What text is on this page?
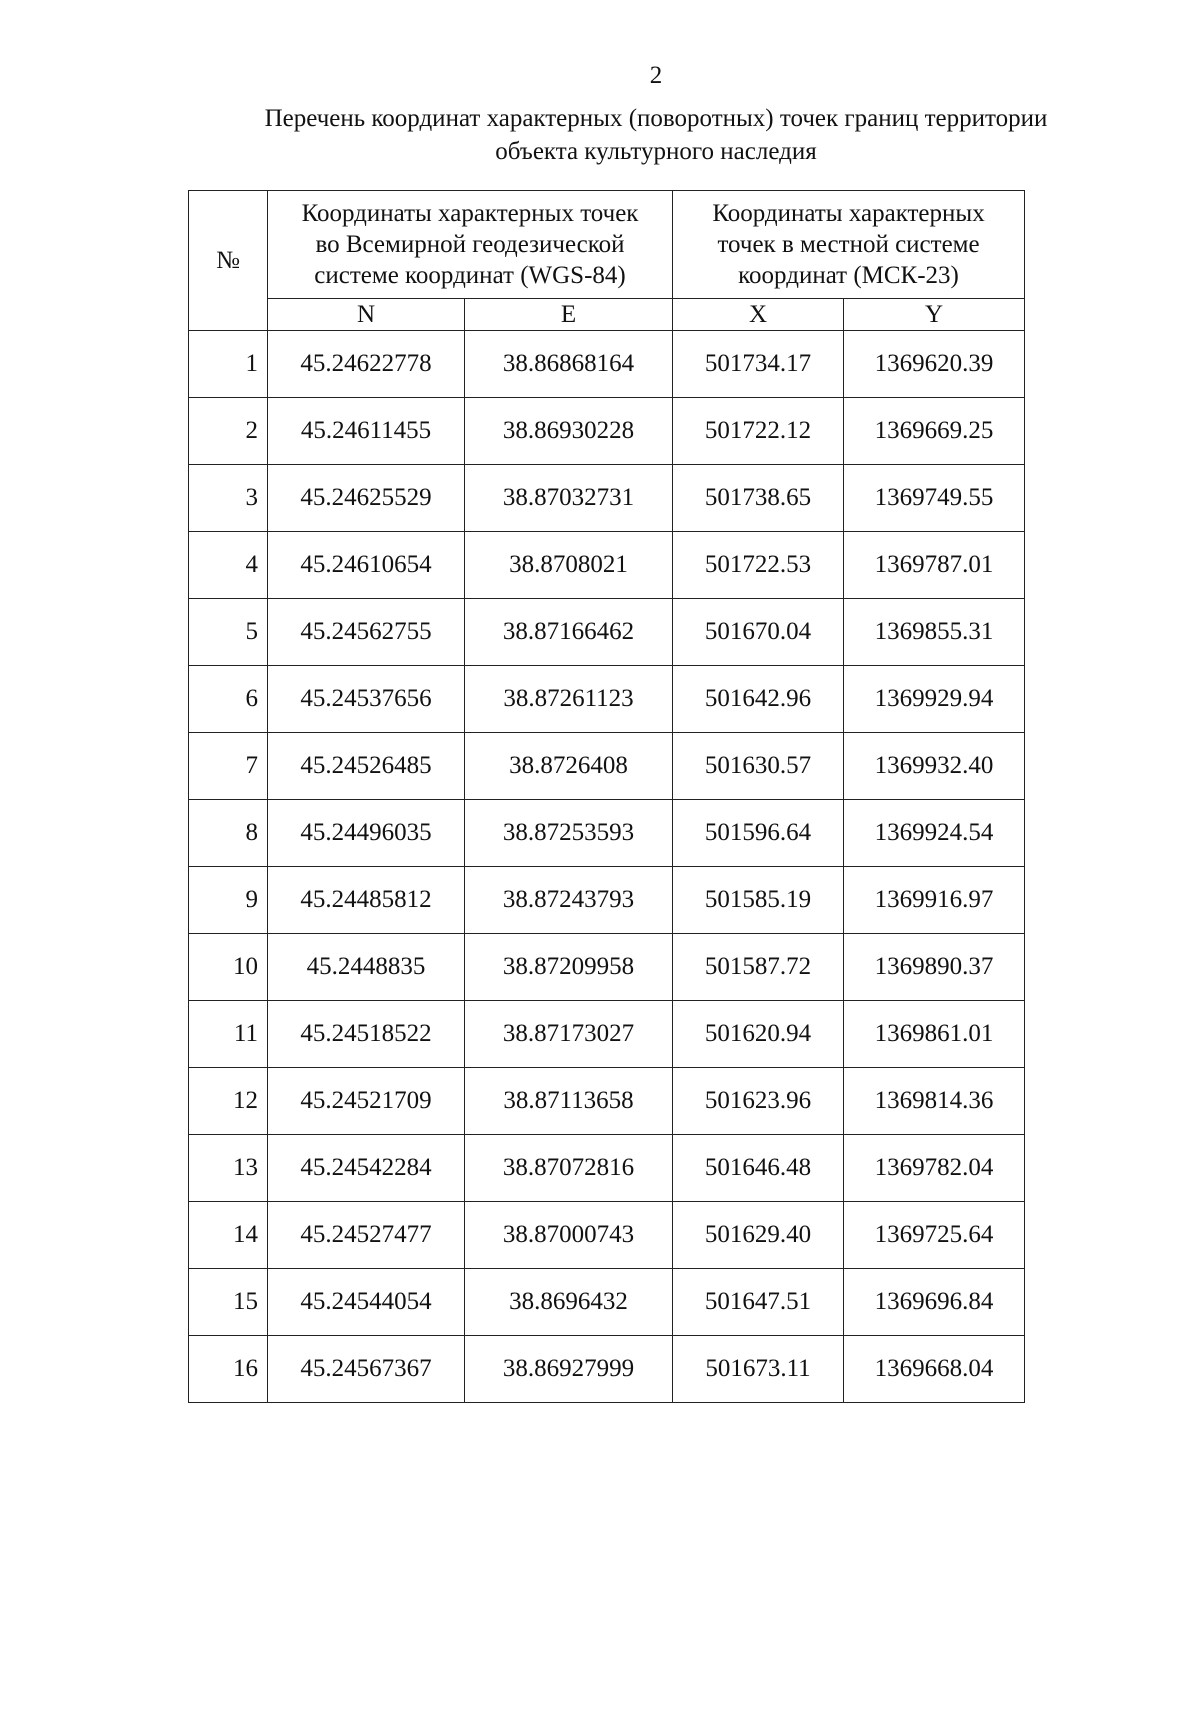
2
Перечень координат характерных (поворотных) точек границ территории
объекта культурного наследия
№	Координаты характерных точек
во Всемирной геодезической
системе координат (WGS-84)		Координаты характерных
точек в местной системе
координат (МСК-23)	

	N	E	X	Y
1	45.24622778	38.86868164	501734.17	1369620.39
2	45.24611455	38.86930228	501722.12	1369669.25
3	45.24625529	38.87032731	501738.65	1369749.55
4	45.24610654	38.8708021	501722.53	1369787.01
5	45.24562755	38.87166462	501670.04	1369855.31
6	45.24537656	38.87261123	501642.96	1369929.94
7	45.24526485	38.8726408	501630.57	1369932.40
8	45.24496035	38.87253593	501596.64	1369924.54
9	45.24485812	38.87243793	501585.19	1369916.97
10	45.2448835	38.87209958	501587.72	1369890.37
11	45.24518522	38.87173027	501620.94	1369861.01
12	45.24521709	38.87113658	501623.96	1369814.36
13	45.24542284	38.87072816	501646.48	1369782.04
14	45.24527477	38.87000743	501629.40	1369725.64
15	45.24544054	38.8696432	501647.51	1369696.84
16	45.24567367	38.86927999	501673.11	1369668.04
